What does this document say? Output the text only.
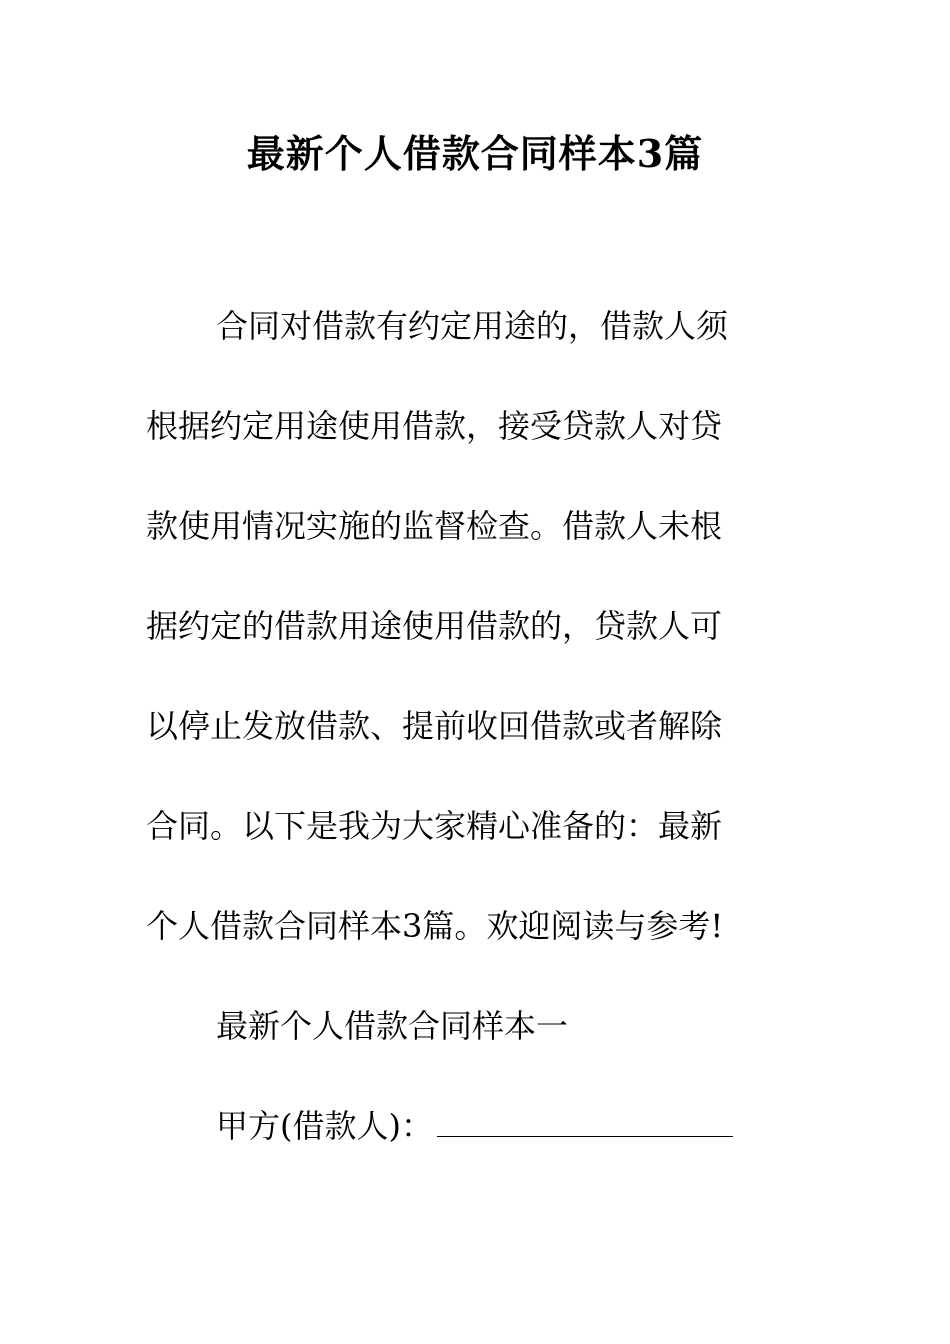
最新个人借款合同样本3篇
合同对借款有约定用途的，借款人须
根据约定用途使用借款，接受贷款人对贷
款使用情况实施的监督检查。借款人未根
据约定的借款用途使用借款的，贷款人可
以停止发放借款、提前收回借款或者解除
合同。以下是我为大家精心准备的：最新
个人借款合同样本3篇。欢迎阅读与参考!
最新个人借款合同样本一
甲方(借款人)：
